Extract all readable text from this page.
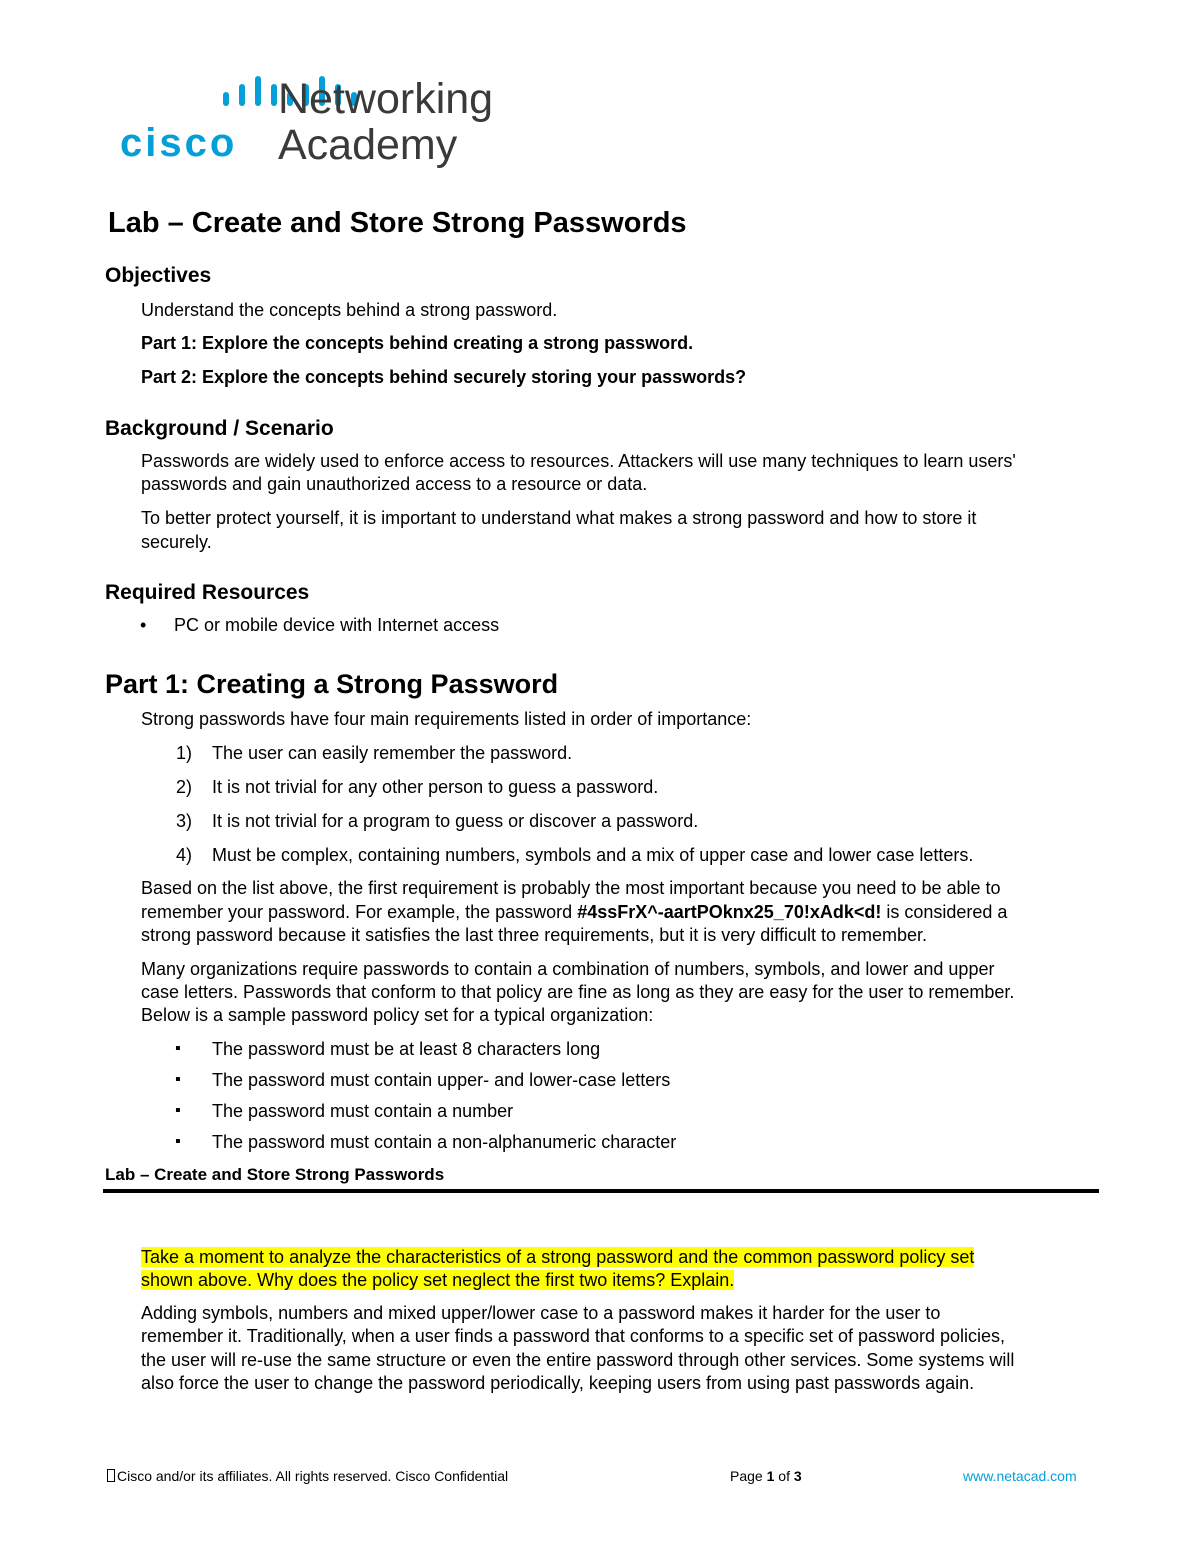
cisco
Networking
Academy
Lab – Create and Store Strong Passwords
Objectives
Understand the concepts behind a strong password.
Part 1: Explore the concepts behind creating a strong password.
Part 2: Explore the concepts behind securely storing your passwords?
Background / Scenario
Passwords are widely used to enforce access to resources. Attackers will use many techniques to learn users'
passwords and gain unauthorized access to a resource or data.
To better protect yourself, it is important to understand what makes a strong password and how to store it
securely.
Required Resources
• PC or mobile device with Internet access
Part 1: Creating a Strong Password
Strong passwords have four main requirements listed in order of importance:
1) The user can easily remember the password.
2) It is not trivial for any other person to guess a password.
3) It is not trivial for a program to guess or discover a password.
4) Must be complex, containing numbers, symbols and a mix of upper case and lower case letters.
Based on the list above, the first requirement is probably the most important because you need to be able to
remember your password. For example, the password #4ssFrX^-aartPOknx25_70!xAdk<d! is considered a
strong password because it satisfies the last three requirements, but it is very difficult to remember.
Many organizations require passwords to contain a combination of numbers, symbols, and lower and upper
case letters. Passwords that conform to that policy are fine as long as they are easy for the user to remember.
Below is a sample password policy set for a typical organization:
▪ The password must be at least 8 characters long
▪ The password must contain upper- and lower-case letters
▪ The password must contain a number
▪ The password must contain a non-alphanumeric character
Lab – Create and Store Strong Passwords
Take a moment to analyze the characteristics of a strong password and the common password policy set
shown above. Why does the policy set neglect the first two items? Explain.
Adding symbols, numbers and mixed upper/lower case to a password makes it harder for the user to
remember it. Traditionally, when a user finds a password that conforms to a specific set of password policies,
the user will re-use the same structure or even the entire password through other services. Some systems will
also force the user to change the password periodically, keeping users from using past passwords again.
Cisco and/or its affiliates. All rights reserved. Cisco Confidential	Page 1 of 3	www.netacad.com
